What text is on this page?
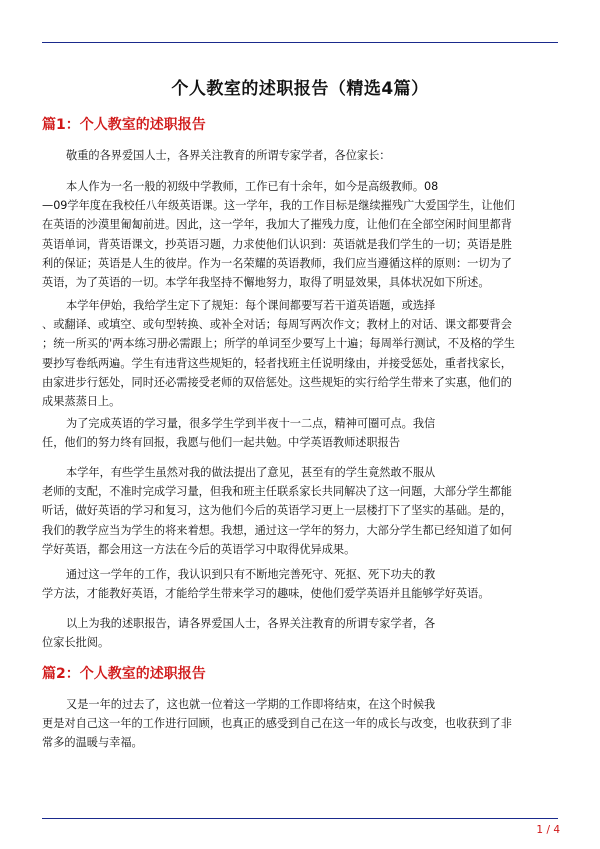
个人教室的述职报告（精选4篇）
篇1：个人教室的述职报告
敬重的各界爱国人士，各界关注教育的所谓专家学者，各位家长：
本人作为一名一般的初级中学教师，工作已有十余年，如今是高级教师。08
—09学年度在我校任八年级英语课。这一学年，我的工作目标是继续摧残广大爱国学生，让他们
在英语的沙漠里匍匐前进。因此，这一学年，我加大了摧残力度，让他们在全部空闲时间里都背
英语单词，背英语课文，抄英语习题，力求使他们认识到：英语就是我们学生的一切；英语是胜
利的保证；英语是人生的彼岸。作为一名荣耀的英语教师，我们应当遵循这样的原则：一切为了
英语，为了英语的一切。本学年我坚持不懈地努力，取得了明显效果，具体状况如下所述。
本学年伊始，我给学生定下了规矩：每个课间都要写若干道英语题，或选择
、或翻译、或填空、或句型转换、或补全对话；每周写两次作文；教材上的对话、课文都要背会
；统一所买的'两本练习册必需跟上；所学的单词至少要写上十遍；每周举行测试，不及格的学生
要抄写卷纸两遍。学生有违背这些规矩的，轻者找班主任说明缘由，并接受惩处，重者找家长，
由家进步行惩处，同时还必需接受老师的双倍惩处。这些规矩的实行给学生带来了实惠，他们的
成果蒸蒸日上。
为了完成英语的学习量，很多学生学到半夜十一二点，精神可圈可点。我信
任，他们的努力终有回报，我愿与他们一起共勉。中学英语教师述职报告
本学年，有些学生虽然对我的做法提出了意见，甚至有的学生竟然敢不服从
老师的支配，不准时完成学习量，但我和班主任联系家长共同解决了这一问题，大部分学生都能
听话，做好英语的学习和复习，这为他们今后的英语学习更上一层楼打下了坚实的基础。是的，
我们的教学应当为学生的将来着想。我想，通过这一学年的努力，大部分学生都已经知道了如何
学好英语，都会用这一方法在今后的英语学习中取得优异成果。
通过这一学年的工作，我认识到只有不断地完善死守、死抠、死下功夫的教
学方法，才能教好英语，才能给学生带来学习的趣味，使他们爱学英语并且能够学好英语。
以上为我的述职报告，请各界爱国人士，各界关注教育的所谓专家学者，各
位家长批阅。
篇2：个人教室的述职报告
又是一年的过去了，这也就一位着这一学期的工作即将结束，在这个时候我
更是对自己这一年的工作进行回顾，也真正的感受到自己在这一年的成长与改变，也收获到了非
常多的温暖与幸福。
1 / 4
